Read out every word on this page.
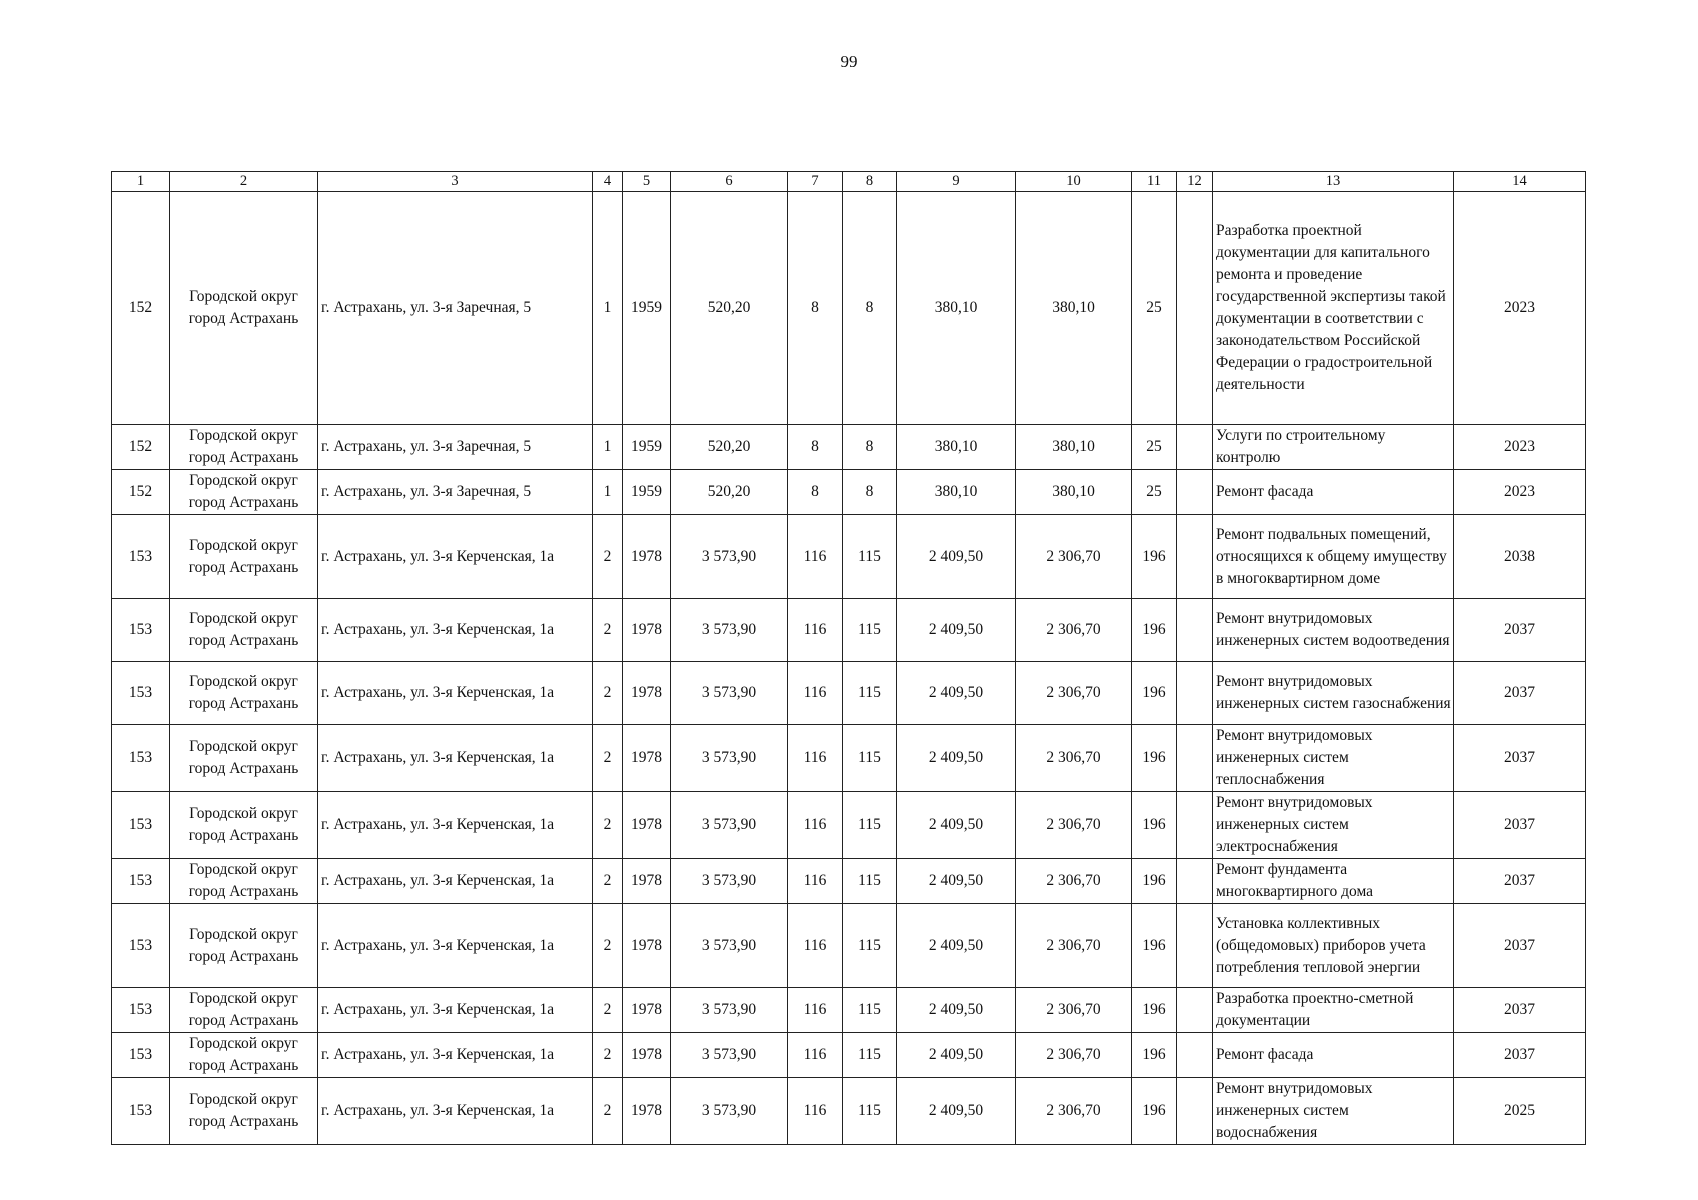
99
1	2	3	4	5	6	7	8	9	10	11	12	13	14
152	Городской округ город Астрахань	г. Астрахань, ул. 3-я Заречная, 5	1	1959	520,20	8	8	380,10	380,10	25		Разработка проектной документации для капитального ремонта и проведение государственной экспертизы такой документации в соответствии с законодательством Российской Федерации о градостроительной деятельности	2023
152	Городской округ город Астрахань	г. Астрахань, ул. 3-я Заречная, 5	1	1959	520,20	8	8	380,10	380,10	25		Услуги по строительному контролю	2023
152	Городской округ город Астрахань	г. Астрахань, ул. 3-я Заречная, 5	1	1959	520,20	8	8	380,10	380,10	25		Ремонт фасада	2023
153	Городской округ город Астрахань	г. Астрахань, ул. 3-я Керченская, 1а	2	1978	3 573,90	116	115	2 409,50	2 306,70	196		Ремонт подвальных помещений, относящихся к общему имуществу в многоквартирном доме	2038
153	Городской округ город Астрахань	г. Астрахань, ул. 3-я Керченская, 1а	2	1978	3 573,90	116	115	2 409,50	2 306,70	196		Ремонт внутридомовых инженерных систем водоотведения	2037
153	Городской округ город Астрахань	г. Астрахань, ул. 3-я Керченская, 1а	2	1978	3 573,90	116	115	2 409,50	2 306,70	196		Ремонт внутридомовых инженерных систем газоснабжения	2037
153	Городской округ город Астрахань	г. Астрахань, ул. 3-я Керченская, 1а	2	1978	3 573,90	116	115	2 409,50	2 306,70	196		Ремонт внутридомовых инженерных систем теплоснабжения	2037
153	Городской округ город Астрахань	г. Астрахань, ул. 3-я Керченская, 1а	2	1978	3 573,90	116	115	2 409,50	2 306,70	196		Ремонт внутридомовых инженерных систем электроснабжения	2037
153	Городской округ город Астрахань	г. Астрахань, ул. 3-я Керченская, 1а	2	1978	3 573,90	116	115	2 409,50	2 306,70	196		Ремонт фундамента многоквартирного дома	2037
153	Городской округ город Астрахань	г. Астрахань, ул. 3-я Керченская, 1а	2	1978	3 573,90	116	115	2 409,50	2 306,70	196		Установка коллективных (общедомовых) приборов учета потребления тепловой энергии	2037
153	Городской округ город Астрахань	г. Астрахань, ул. 3-я Керченская, 1а	2	1978	3 573,90	116	115	2 409,50	2 306,70	196		Разработка проектно-сметной документации	2037
153	Городской округ город Астрахань	г. Астрахань, ул. 3-я Керченская, 1а	2	1978	3 573,90	116	115	2 409,50	2 306,70	196		Ремонт фасада	2037
153	Городской округ город Астрахань	г. Астрахань, ул. 3-я Керченская, 1а	2	1978	3 573,90	116	115	2 409,50	2 306,70	196		Ремонт внутридомовых инженерных систем водоснабжения	2025
